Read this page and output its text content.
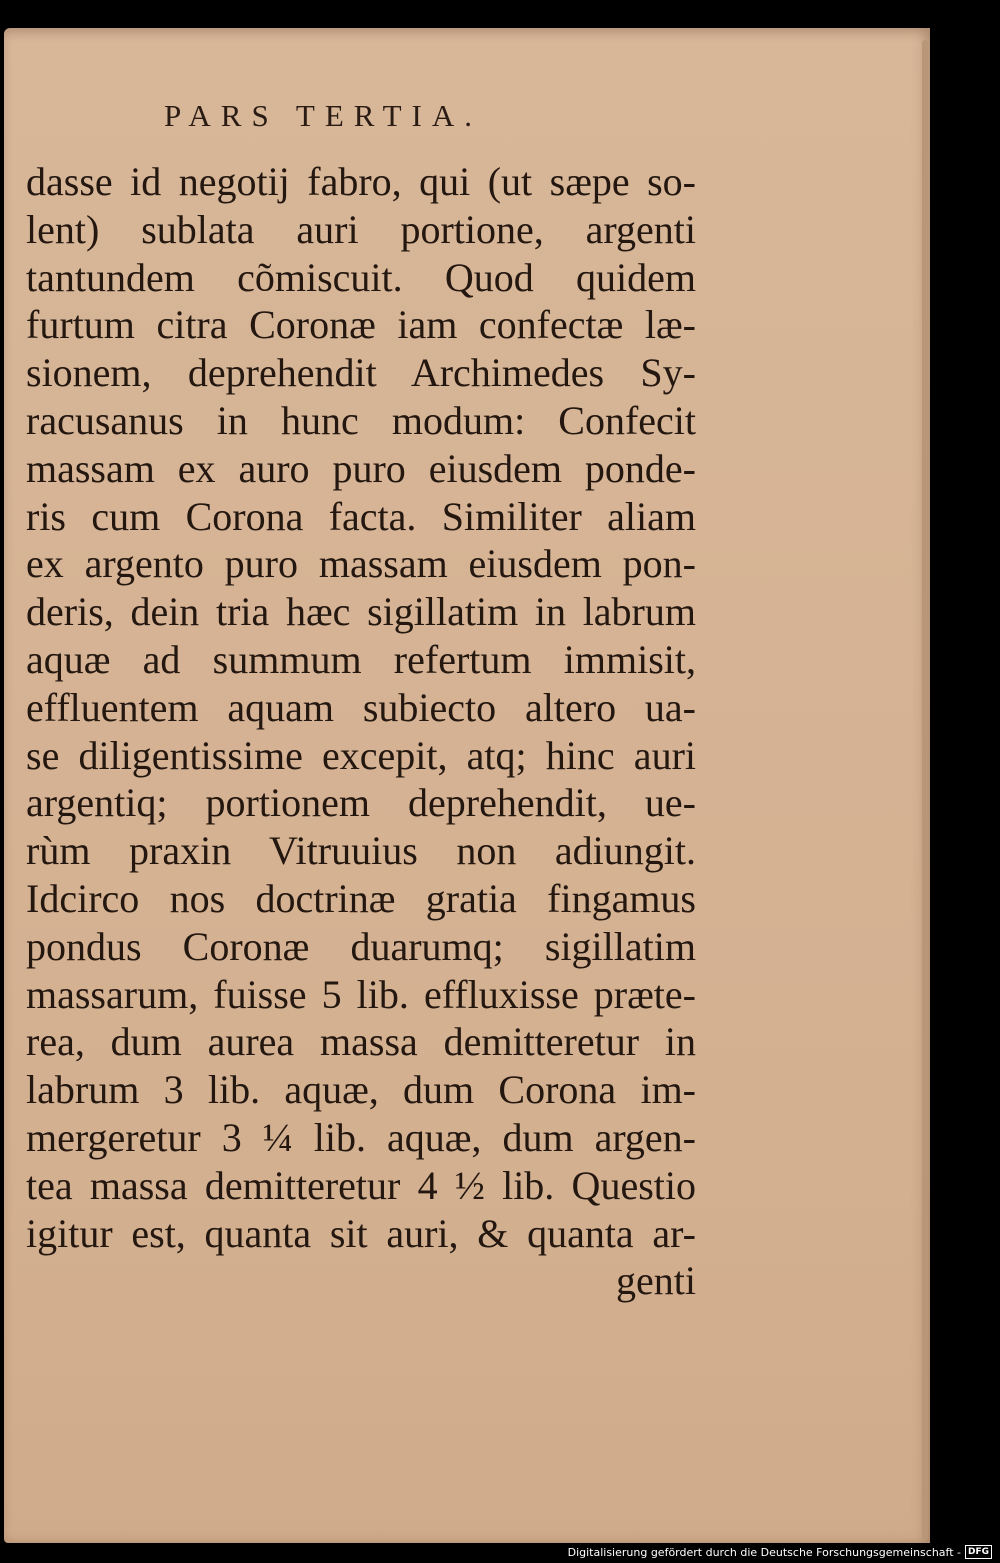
PARS TERTIA.
dasse id negotij fabro, qui (ut sæpe so-
lent) sublata auri portione, argenti
tantundem cõmiscuit. Quod quidem
furtum citra Coronæ iam confectæ læ-
sionem, deprehendit Archimedes Sy-
racusanus in hunc modum: Confecit
massam ex auro puro eiusdem ponde-
ris cum Corona facta. Similiter aliam
ex argento puro massam eiusdem pon-
deris, dein tria hæc sigillatim in labrum
aquæ ad summum refertum immisit,
effluentem aquam subiecto altero ua-
se diligentissime excepit, atq; hinc auri
argentiq; portionem deprehendit, ue-
rùm praxin Vitruuius non adiungit.
Idcirco nos doctrinæ gratia fingamus
pondus Coronæ duarumq; sigillatim
massarum, fuisse 5 lib. effluxisse præte-
rea, dum aurea massa demitteretur in
labrum 3 lib. aquæ, dum Corona im-
mergeretur 3 ¼ lib. aquæ, dum argen-
tea massa demitteretur 4 ½ lib. Questio
igitur est, quanta sit auri, & quanta ar-
genti
Digitalisierung gefördert durch die Deutsche Forschungsgemeinschaft - DFG
